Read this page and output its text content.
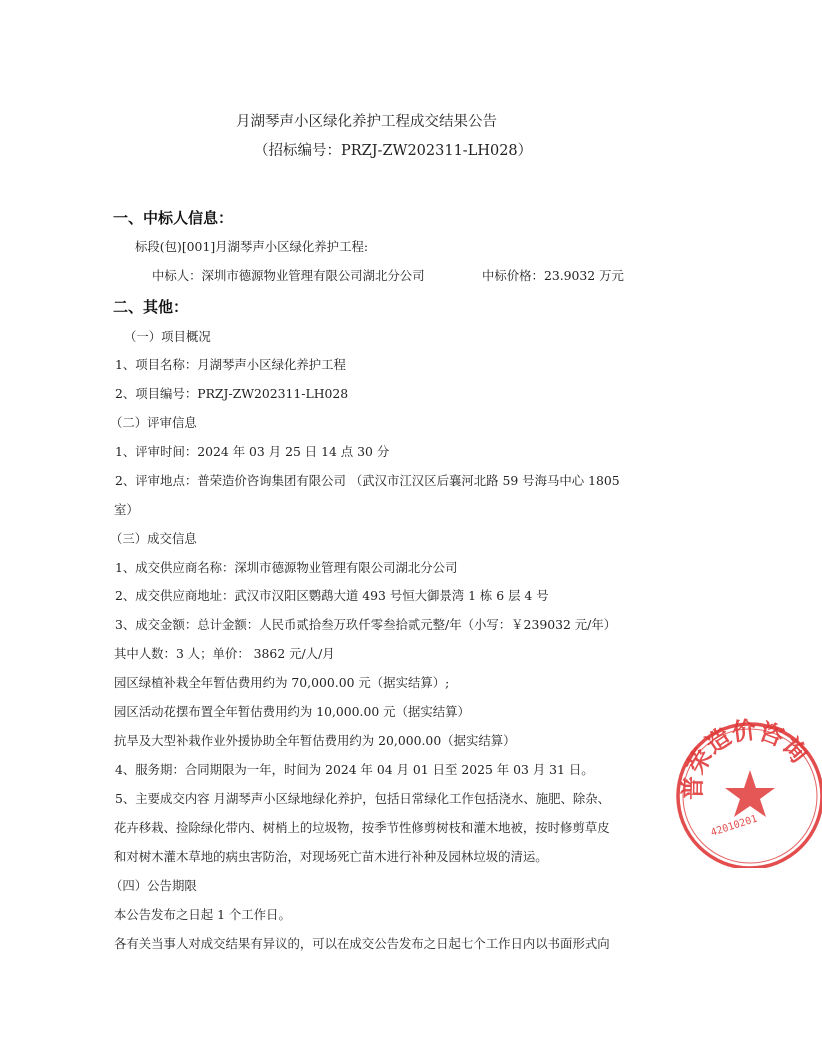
月湖琴声小区绿化养护工程成交结果公告
（招标编号：PRZJ-ZW202311-LH028）
一、中标人信息：
标段(包)[001]月湖琴声小区绿化养护工程:
中标人：深圳市德源物业管理有限公司湖北分公司	中标价格：23.9032 万元
二、其他：
（一）项目概况
1、项目名称：月湖琴声小区绿化养护工程
2、项目编号：PRZJ-ZW202311-LH028
（二）评审信息
1、评审时间：2024 年 03 月 25 日 14 点 30 分
2、评审地点：普荣造价咨询集团有限公司 （武汉市江汉区后襄河北路 59 号海马中心 1805
室）
（三）成交信息
1、成交供应商名称：深圳市德源物业管理有限公司湖北分公司
2、成交供应商地址：武汉市汉阳区鹦鹉大道 493 号恒大御景湾 1 栋 6 层 4 号
3、成交金额：总计金额：人民币贰拾叁万玖仟零叁拾贰元整/年（小写：￥239032 元/年）
其中人数：3 人；单价： 3862 元/人/月
园区绿植补栽全年暂估费用约为 70,000.00 元（据实结算）;
园区活动花摆布置全年暂估费用约为 10,000.00 元（据实结算）
抗旱及大型补栽作业外援协助全年暂估费用约为 20,000.00（据实结算）
4、服务期：合同期限为一年，时间为 2024 年 04 月 01 日至 2025 年 03 月 31 日。
5、主要成交内容 月湖琴声小区绿地绿化养护，包括日常绿化工作包括浇水、施肥、除杂、
花卉移栽、捡除绿化带内、树梢上的垃圾物，按季节性修剪树枝和灌木地被，按时修剪草皮
和对树木灌木草地的病虫害防治，对现场死亡苗木进行补种及园林垃圾的清运。
（四）公告期限
本公告发布之日起 1 个工作日。
各有关当事人对成交结果有异议的，可以在成交公告发布之日起七个工作日内以书面形式向
普荣造价咨询
42010201
